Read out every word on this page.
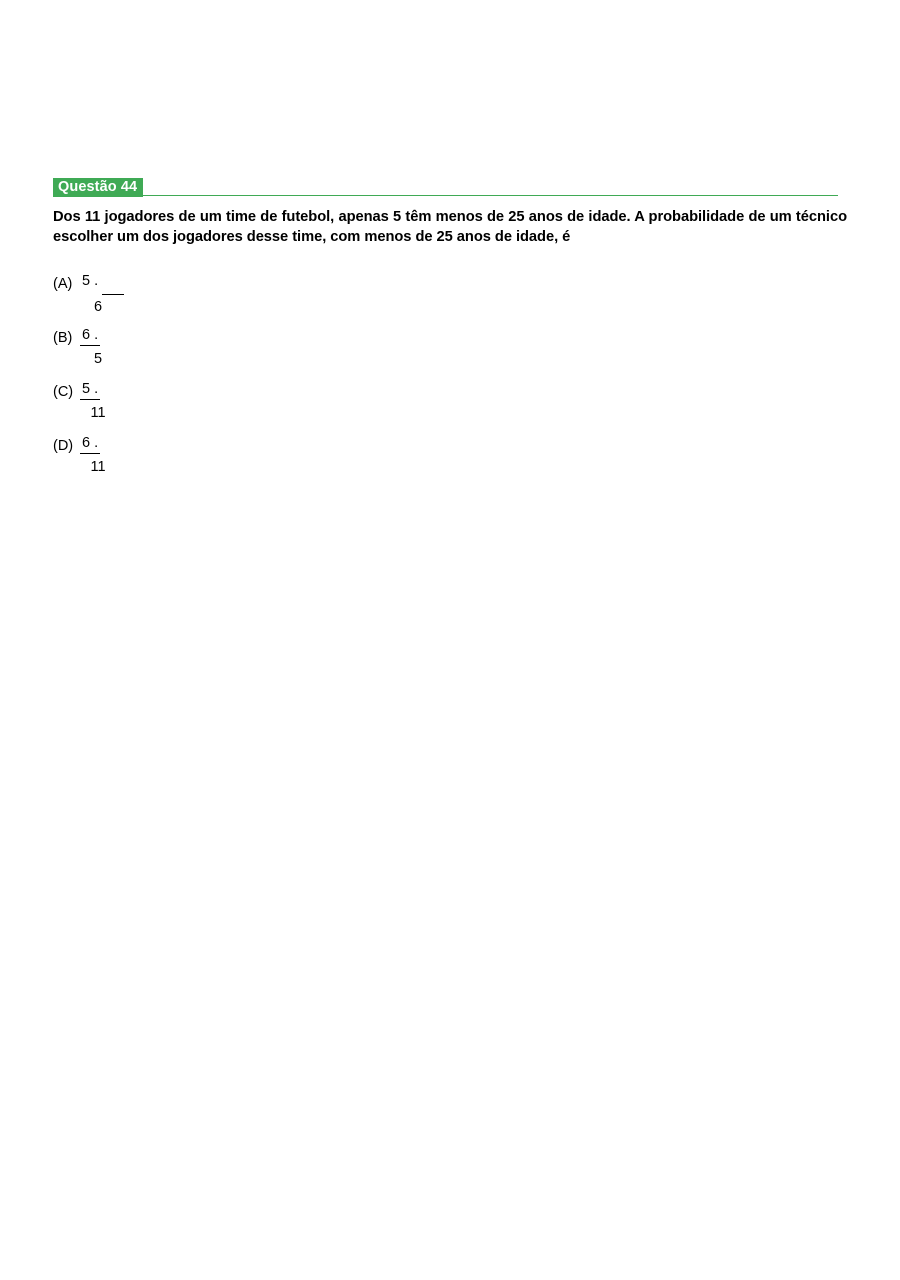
Questão 44
Dos 11 jogadores de um time de futebol, apenas 5 têm menos de 25 anos de idade. A probabilidade de um técnico escolher um dos jogadores desse time, com menos de 25 anos de idade, é
(A) 5 .
6
$(B) \frac{6 .}{5}$
$(C) \frac{5 .}{11}$
$(D) \frac{6 .}{11}$
